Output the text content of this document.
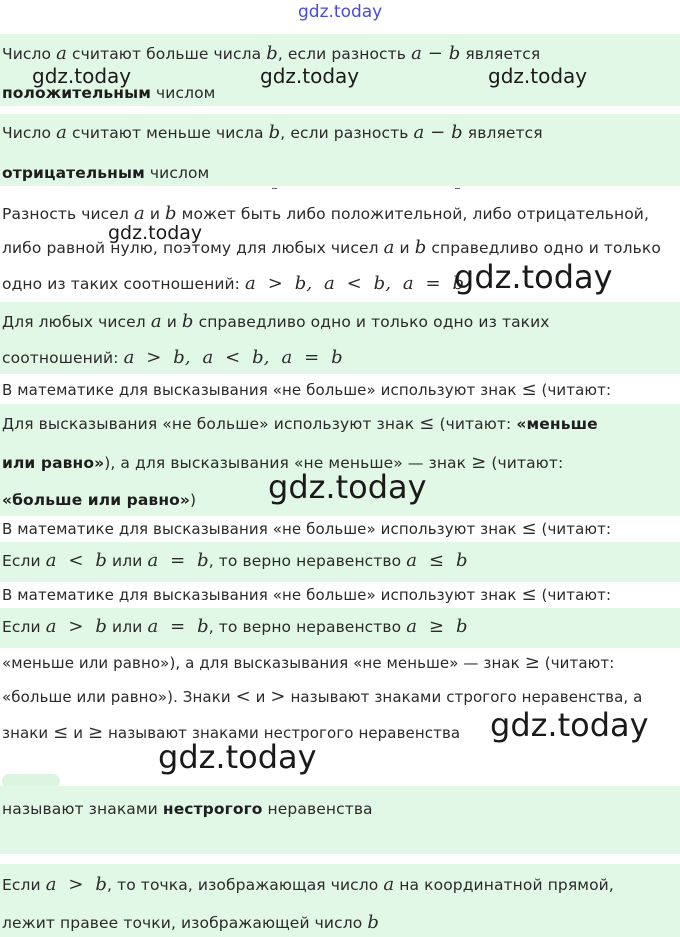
gdz.today
Число a считают больше числа b, если разность a − b является
положительным числом
gdz.today	gdz.today	gdz.today
Число a считают меньше числа b, если разность a − b является
отрицательным числом
Разность чисел a и b может быть либо положительной, либо отрицательной,
либо равной нулю, поэтому для любых чисел a и b справедливо одно и только
одно из таких соотношений: a > b, a < b, a = b
gdz.today
gdz.today
Для любых чисел a и b справедливо одно и только одно из таких
соотношений: a > b, a < b, a = b
В математике для высказывания «не больше» используют знак ≤ (читают:
Для высказывания «не больше» используют знак ≤ (читают: «меньше
или равно»), а для высказывания «не меньше» — знак ≥ (читают:
«больше или равно») gdz.today
В математике для высказывания «не больше» используют знак ≤ (читают:
Если a < b или a = b, то верно неравенство a ≤ b
В математике для высказывания «не больше» используют знак ≤ (читают:
Если a > b или a = b, то верно неравенство a ≥ b
«меньше или равно»), а для высказывания «не меньше» — знак ≥ (читают:
«больше или равно»). Знаки < и > называют знаками строгого неравенства, а
знаки ≤ и ≥ называют знаками нестрогого неравенства gdz.today
gdz.today
называют знаками нестрогого неравенства
Если a > b, то точка, изображающая число a на координатной прямой,
лежит правее точки, изображающей число b
